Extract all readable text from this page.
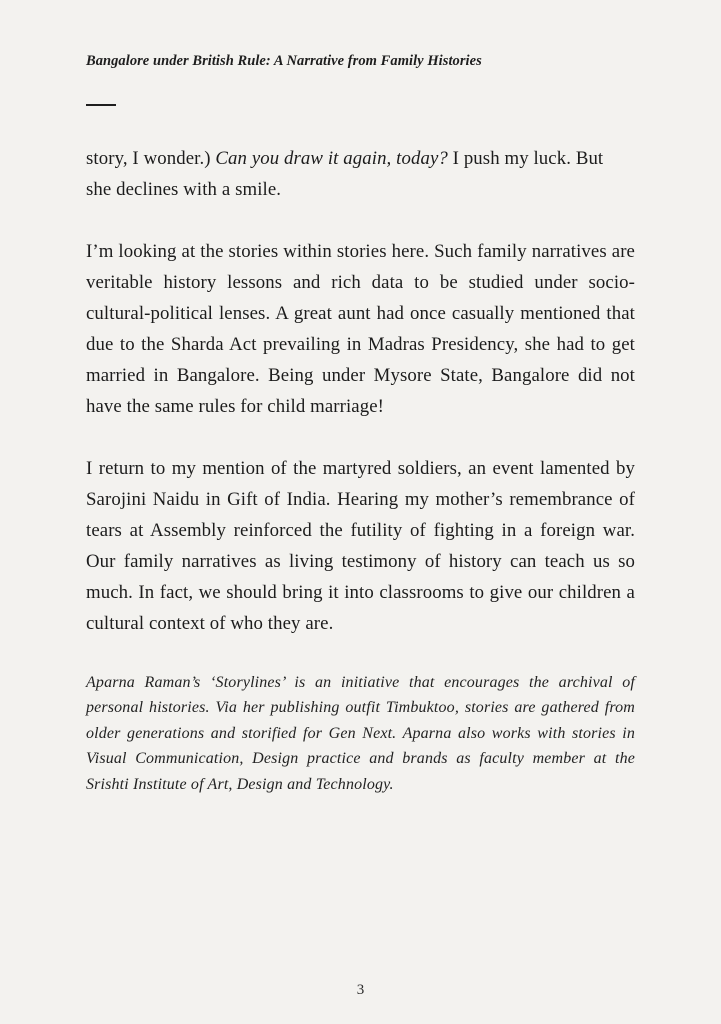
Bangalore under British Rule: A Narrative from Family Histories

story, I wonder.) Can you draw it again, today? I push my luck. But
she declines with a smile.

I’m looking at the stories within stories here. Such family narratives are veritable history lessons and rich data to be studied under socio-cultural-political lenses. A great aunt had once casually mentioned that due to the Sharda Act prevailing in Madras Presidency, she had to get married in Bangalore. Being under Mysore State, Bangalore did not have the same rules for child marriage!

I return to my mention of the martyred soldiers, an event lamented by Sarojini Naidu in Gift of India. Hearing my mother’s remembrance of tears at Assembly reinforced the futility of fighting in a foreign war. Our family narratives as living testimony of history can teach us so much. In fact, we should bring it into classrooms to give our children a cultural context of who they are.

Aparna Raman’s ‘Storylines’ is an initiative that encourages the archival of personal histories. Via her publishing outfit Timbuktoo, stories are gathered from older generations and storified for Gen Next. Aparna also works with stories in Visual Communication, Design practice and brands as faculty member at the Srishti Institute of Art, Design and Technology.

3
